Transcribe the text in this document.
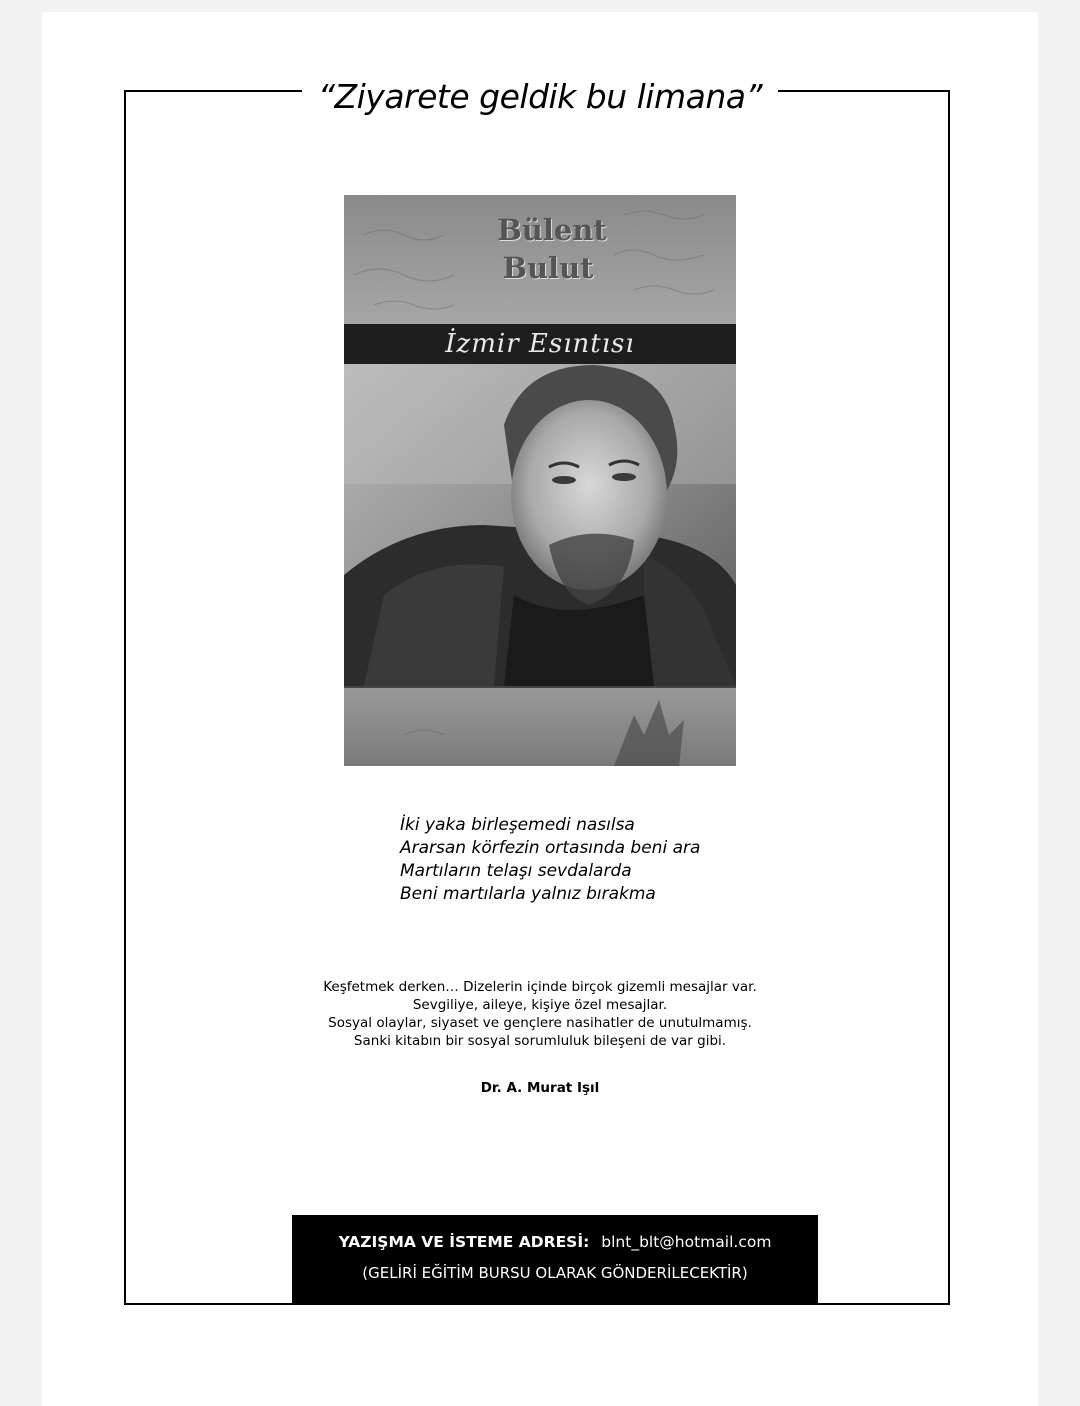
“Ziyarete geldik bu limana”
Bülent
Bulut
İzmir Esıntısı
İki yaka birleşemedi nasılsa
Ararsan körfezin ortasında beni ara
Martıların telaşı sevdalarda
Beni martılarla yalnız bırakma
Keşfetmek derken… Dizelerin içinde birçok gizemli mesajlar var.
Sevgiliye, aileye, kişiye özel mesajlar.
Sosyal olaylar, siyaset ve gençlere nasihatler de unutulmamış.
Sanki kitabın bir sosyal sorumluluk bileşeni de var gibi.
Dr. A. Murat Işıl
YAZIŞMA VE İSTEME ADRESİ: blnt_blt@hotmail.com
(GELİRİ EĞİTİM BURSU OLARAK GÖNDERİLECEKTİR)
